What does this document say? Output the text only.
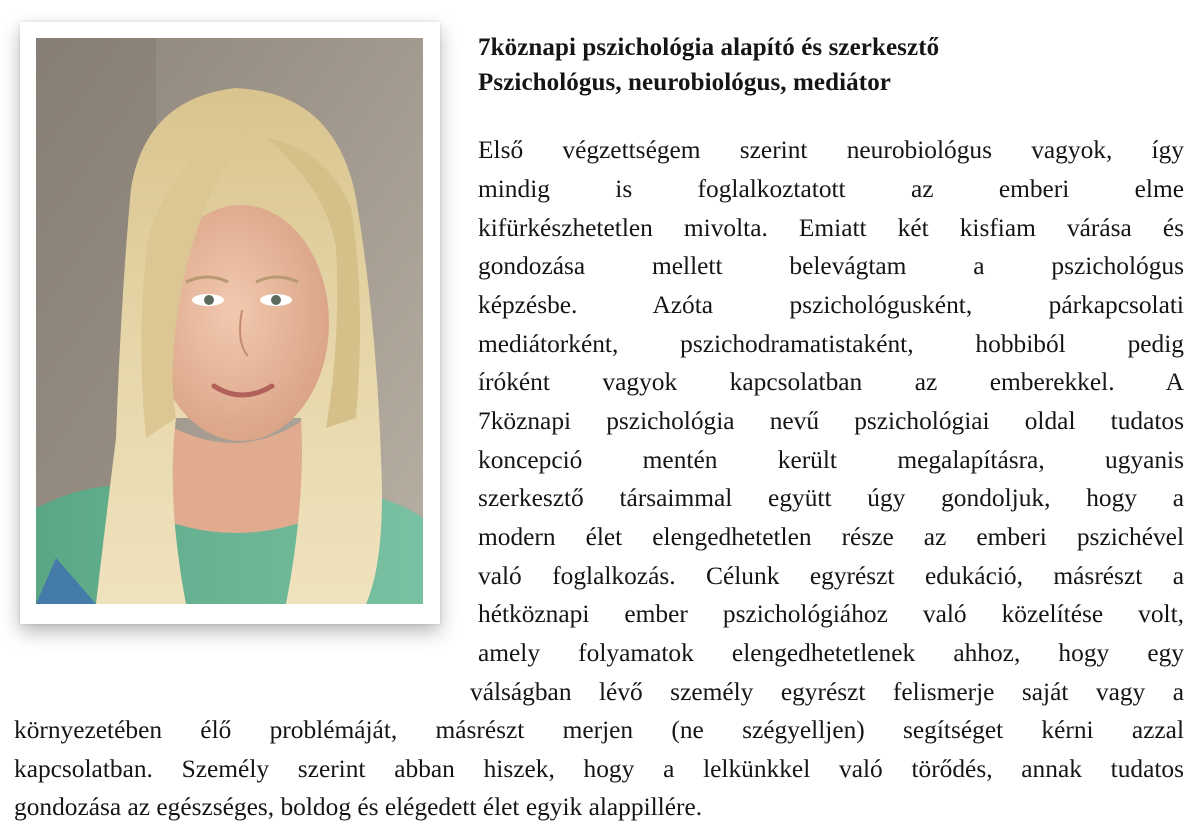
7köznapi pszichológia alapító és szerkesztő
Pszichológus, neurobiológus, mediátor
Első végzettségem szerint neurobiológus vagyok, így
mindig is foglalkoztatott az emberi elme
kifürkészhetetlen mivolta. Emiatt két kisfiam várása és
gondozása mellett belevágtam a pszichológus
képzésbe. Azóta pszichológusként, párkapcsolati
mediátorként, pszichodramatistaként, hobbiból pedig
íróként vagyok kapcsolatban az emberekkel. A
7köznapi pszichológia nevű pszichológiai oldal tudatos
koncepció mentén került megalapításra, ugyanis
szerkesztő társaimmal együtt úgy gondoljuk, hogy a
modern élet elengedhetetlen része az emberi pszichével
való foglalkozás. Célunk egyrészt edukáció, másrészt a
hétköznapi ember pszichológiához való közelítése volt,
amely folyamatok elengedhetetlenek ahhoz, hogy egy
válságban lévő személy egyrészt felismerje saját vagy a
környezetében élő problémáját, másrészt merjen (ne szégyelljen) segítséget kérni azzal
kapcsolatban. Személy szerint abban hiszek, hogy a lelkünkkel való törődés, annak tudatos
gondozása az egészséges, boldog és elégedett élet egyik alappillére.
